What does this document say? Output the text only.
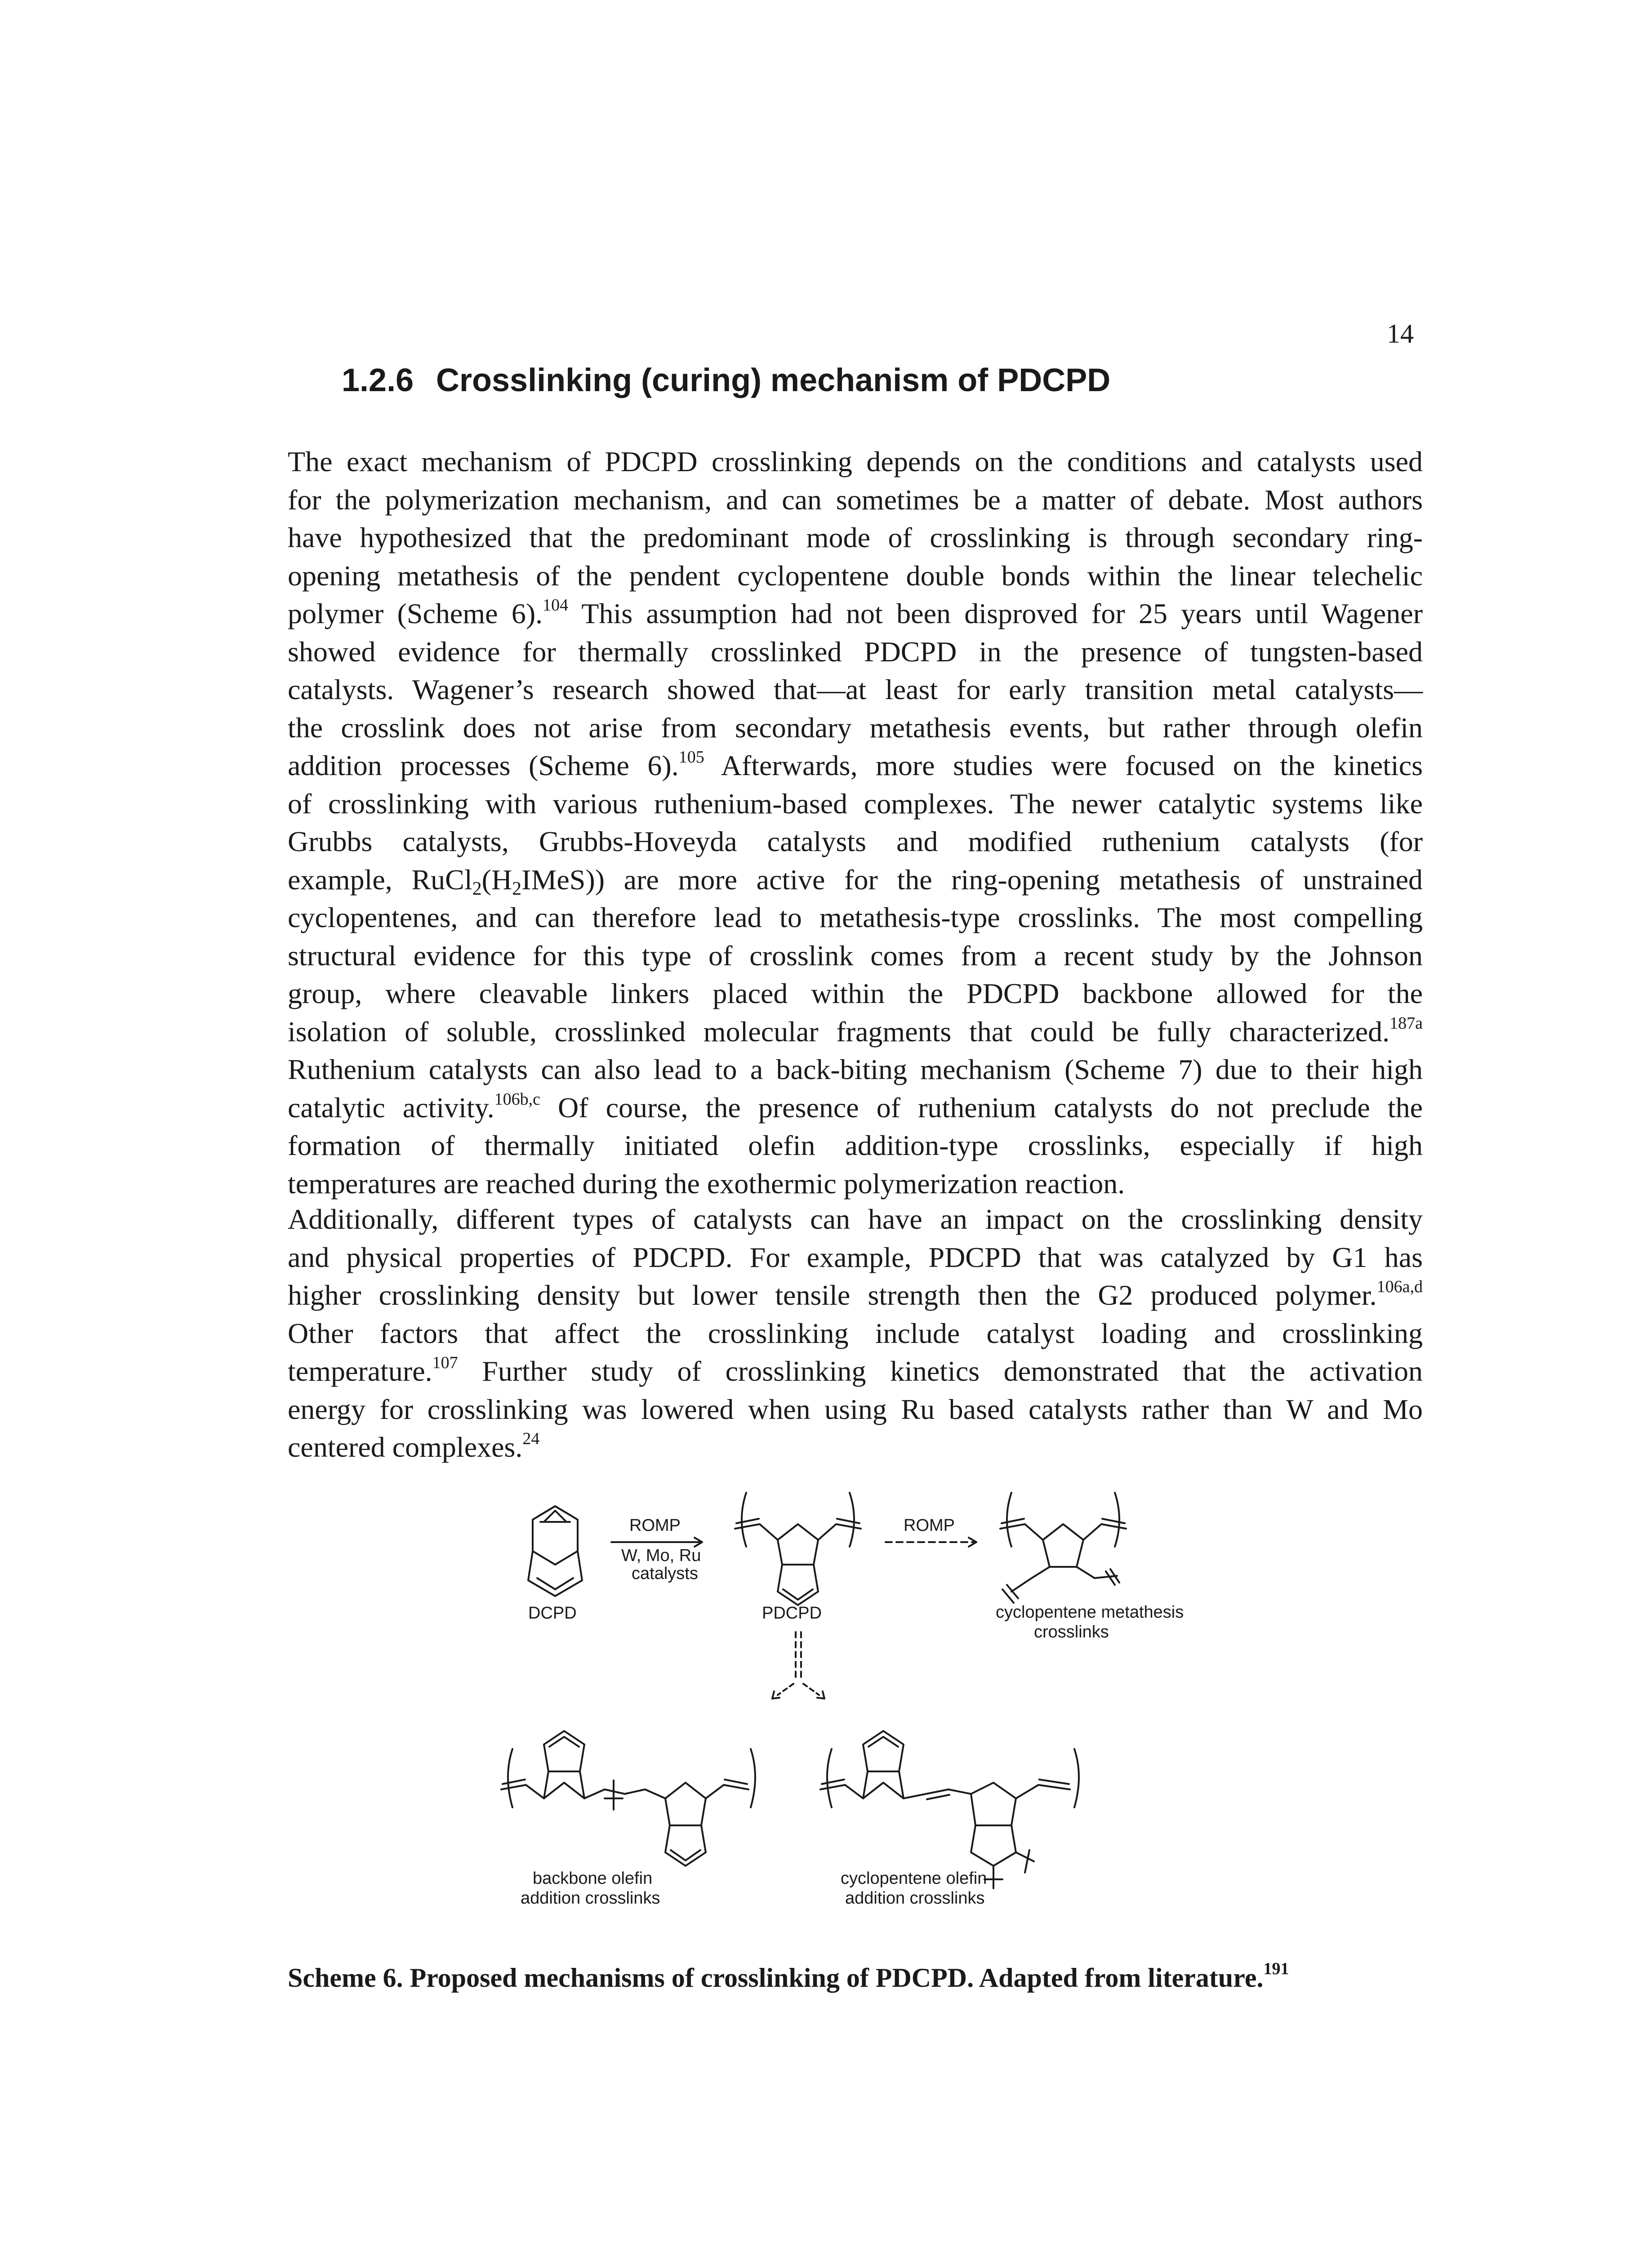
14
1.2.6 Crosslinking (curing) mechanism of PDCPD
The exact mechanism of PDCPD crosslinking depends on the conditions and catalysts used
for the polymerization mechanism, and can sometimes be a matter of debate. Most authors
have hypothesized that the predominant mode of crosslinking is through secondary ring-
opening metathesis of the pendent cyclopentene double bonds within the linear telechelic
polymer (Scheme 6).$^{104}$ This assumption had not been disproved for 25 years until Wagener
showed evidence for thermally crosslinked PDCPD in the presence of tungsten-based
catalysts. Wagener’s research showed that—at least for early transition metal catalysts—
the crosslink does not arise from secondary metathesis events, but rather through olefin
addition processes (Scheme 6).$^{105}$ Afterwards, more studies were focused on the kinetics
of crosslinking with various ruthenium-based complexes. The newer catalytic systems like
Grubbs catalysts, Grubbs-Hoveyda catalysts and modified ruthenium catalysts (for
example, $RuCl_2(H_2IMeS)$) are more active for the ring-opening metathesis of unstrained
cyclopentenes, and can therefore lead to metathesis-type crosslinks. The most compelling
structural evidence for this type of crosslink comes from a recent study by the Johnson
group, where cleavable linkers placed within the PDCPD backbone allowed for the
isolation of soluble, crosslinked molecular fragments that could be fully characterized.$^{187a}$
Ruthenium catalysts can also lead to a back-biting mechanism (Scheme 7) due to their high
catalytic activity.$^{106b,c}$ Of course, the presence of ruthenium catalysts do not preclude the
formation of thermally initiated olefin addition-type crosslinks, especially if high
temperatures are reached during the exothermic polymerization reaction.
Additionally, different types of catalysts can have an impact on the crosslinking density
and physical properties of PDCPD. For example, PDCPD that was catalyzed by G1 has
higher crosslinking density but lower tensile strength then the G2 produced polymer.$^{106a,d}$
Other factors that affect the crosslinking include catalyst loading and crosslinking
temperature.$^{107}$ Further study of crosslinking kinetics demonstrated that the activation
energy for crosslinking was lowered when using Ru based catalysts rather than W and Mo
centered complexes.$^{24}$
ROMP
W, Mo, Ru
catalysts
DCPD	PDCPD
ROMP
cyclopentene metathesis
crosslinks
backbone olefin
addition crosslinks
cyclopentene olefin
addition crosslinks
Scheme 6. Proposed mechanisms of crosslinking of PDCPD. Adapted from literature.$^{191}$
